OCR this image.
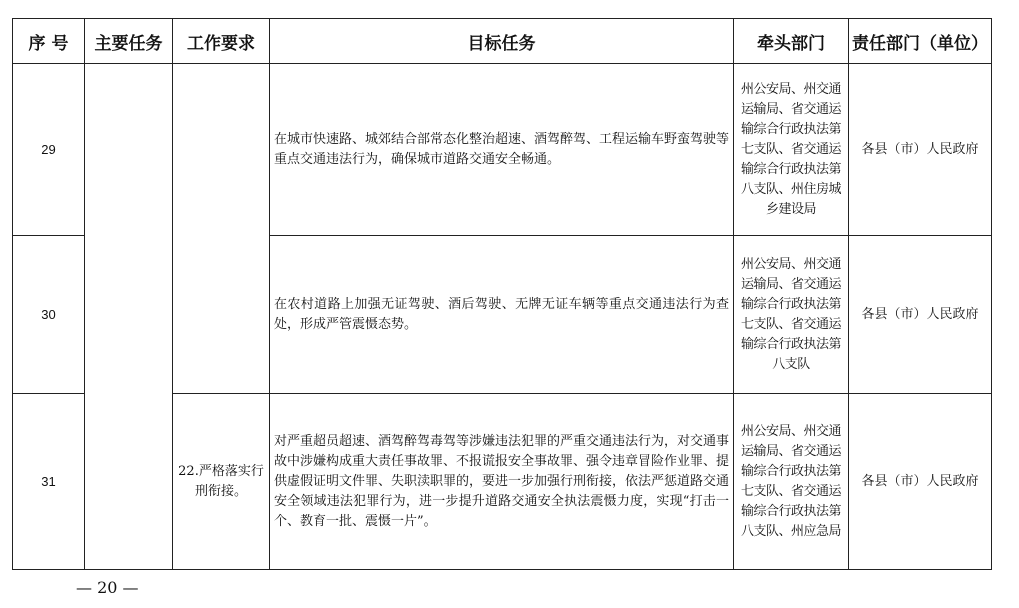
序 号	主要任务	工作要求	目标任务	牵头部门	责任部门（单位）
29			在城市快速路、城郊结合部常态化整治超速、酒驾醉驾、工程运输车野蛮驾驶等重点交通违法行为，确保城市道路交通安全畅通。	州公安局、州交通运输局、省交通运输综合行政执法第七支队、省交通运输综合行政执法第八支队、州住房城乡建设局	各县（市）人民政府
30			在农村道路上加强无证驾驶、酒后驾驶、无牌无证车辆等重点交通违法行为查处，形成严管震慑态势。	州公安局、州交通运输局、省交通运输综合行政执法第七支队、省交通运输综合行政执法第八支队	各县（市）人民政府
31		22.严格落实行刑衔接。	对严重超员超速、酒驾醉驾毒驾等涉嫌违法犯罪的严重交通违法行为，对交通事故中涉嫌构成重大责任事故罪、不报谎报安全事故罪、强令违章冒险作业罪、提供虚假证明文件罪、失职渎职罪的，要进一步加强行刑衔接，依法严惩道路交通安全领域违法犯罪行为，进一步提升道路交通安全执法震慑力度，实现“打击一个、教育一批、震慑一片”。	州公安局、州交通运输局、省交通运输综合行政执法第七支队、省交通运输综合行政执法第八支队、州应急局	各县（市）人民政府
— 20 —
